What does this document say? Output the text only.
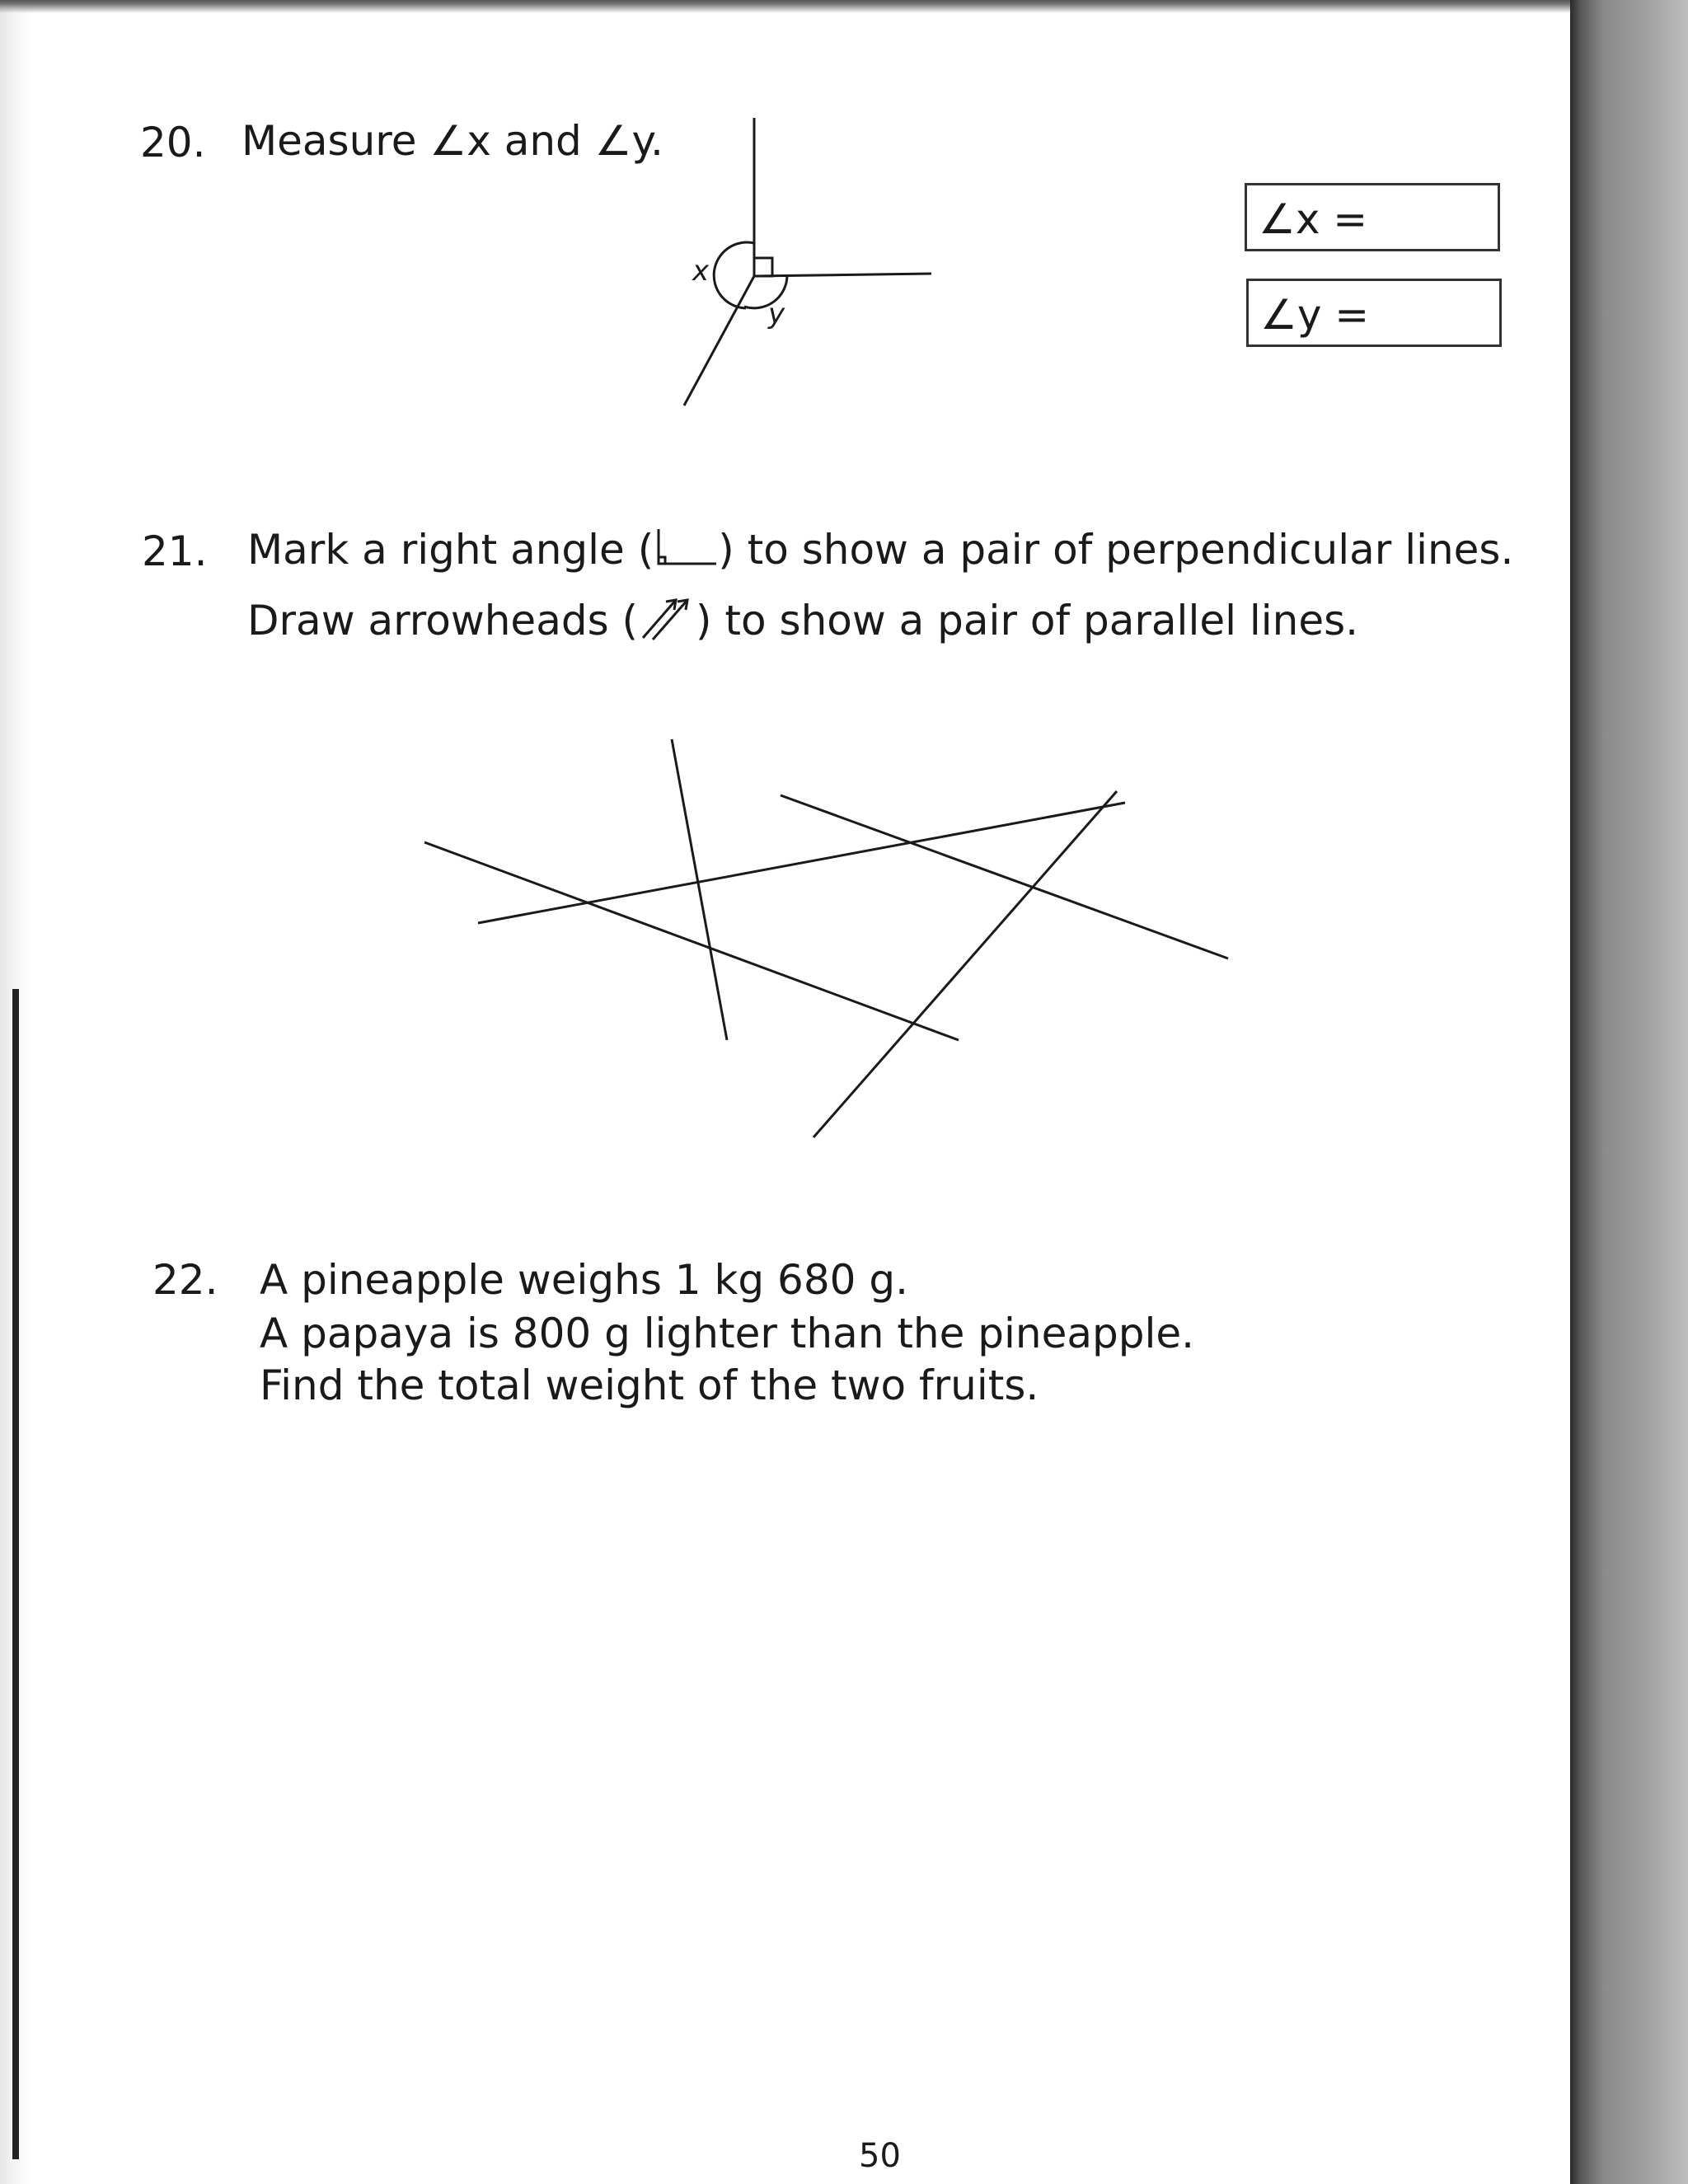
20. Measure ∠x and ∠y.
x
y
∠x =
∠y =
21. Mark a right angle ( ) to show a pair of perpendicular lines.
Draw arrowheads ( ) to show a pair of parallel lines.
22. A pineapple weighs 1 kg 680 g.
A papaya is 800 g lighter than the pineapple.
Find the total weight of the two fruits.
50
